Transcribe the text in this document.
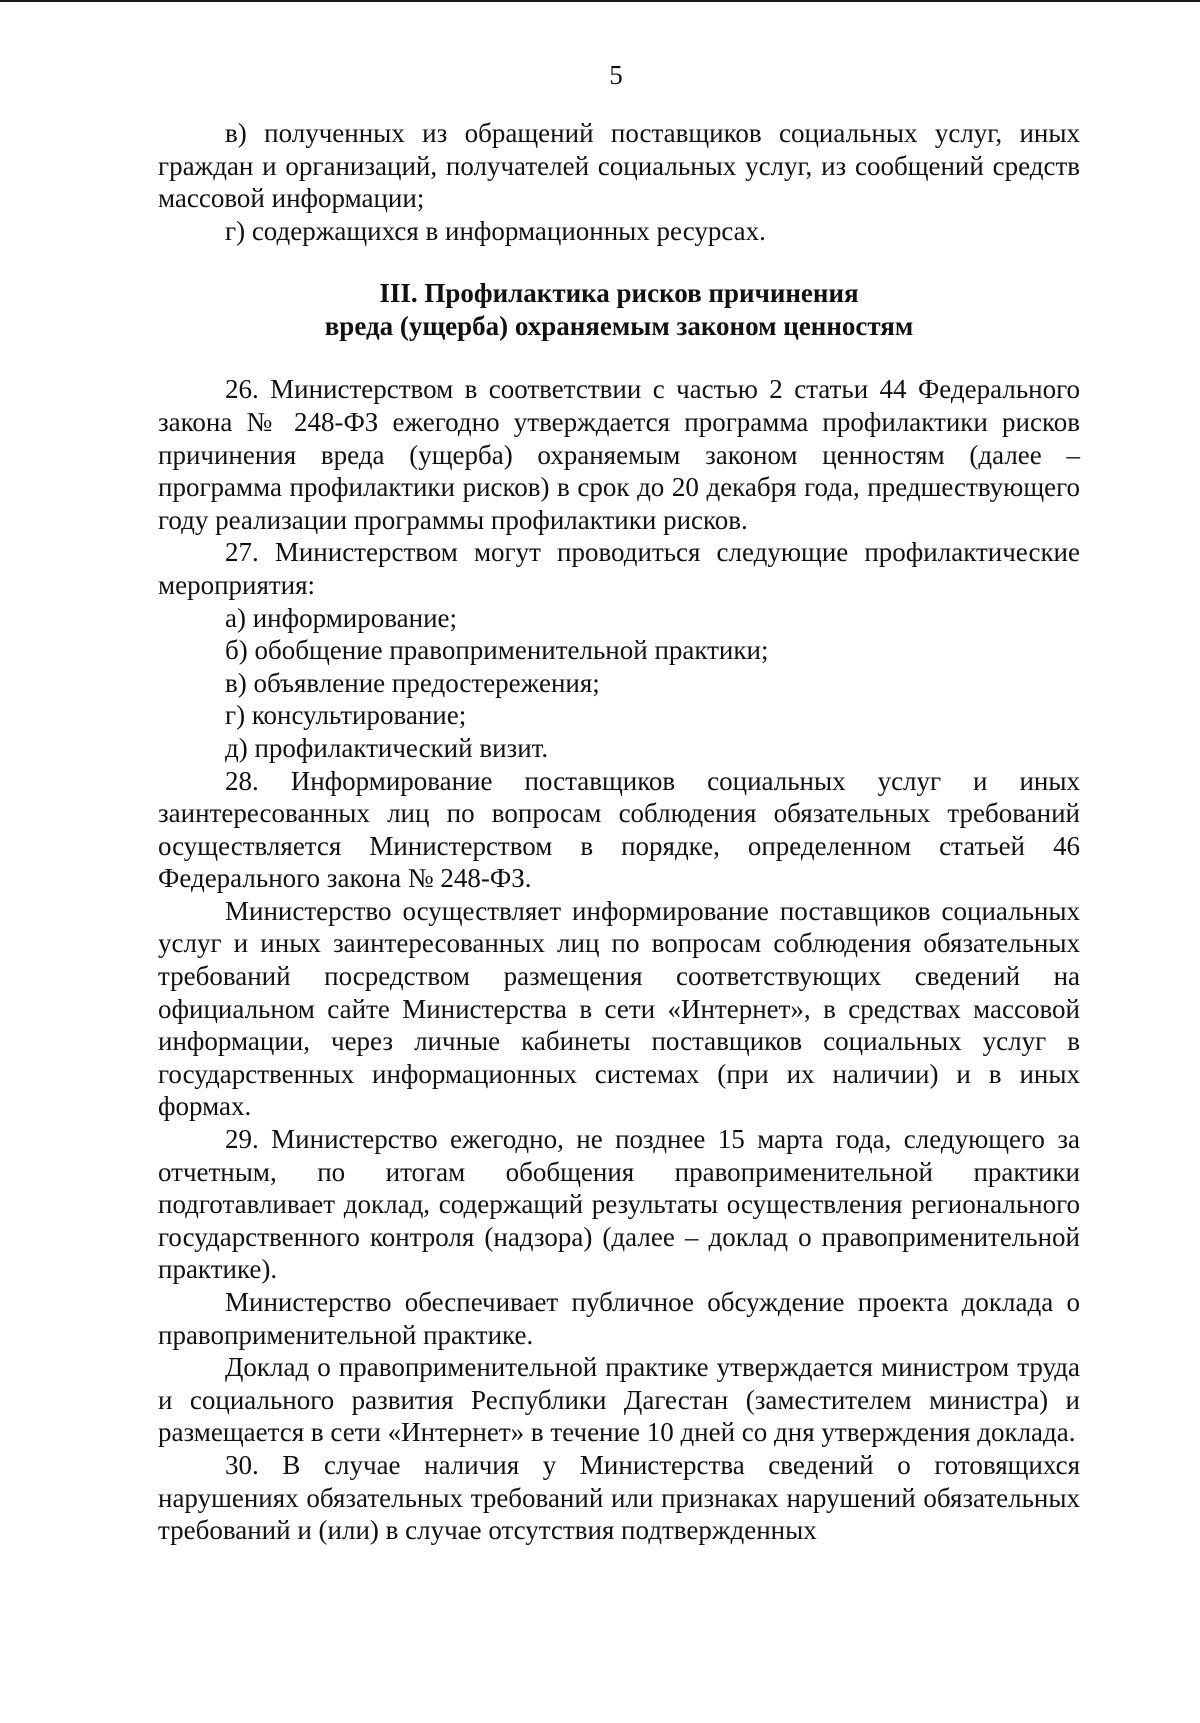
5

в) полученных из обращений поставщиков социальных услуг, иных граждан и организаций, получателей социальных услуг, из сообщений средств массовой информации;

г) содержащихся в информационных ресурсах.

III. Профилактика рисков причинения
вреда (ущерба) охраняемым законом ценностям

26. Министерством в соответствии с частью 2 статьи 44 Федерального закона № 248-ФЗ ежегодно утверждается программа профилактики рисков причинения вреда (ущерба) охраняемым законом ценностям (далее – программа профилактики рисков) в срок до 20 декабря года, предшествующего году реализации программы профилактики рисков.

27. Министерством могут проводиться следующие профилактические мероприятия:

а) информирование;

б) обобщение правоприменительной практики;

в) объявление предостережения;

г) консультирование;

д) профилактический визит.

28. Информирование поставщиков социальных услуг и иных заинтересованных лиц по вопросам соблюдения обязательных требований осуществляется Министерством в порядке, определенном статьей 46 Федерального закона № 248-ФЗ.

Министерство осуществляет информирование поставщиков социальных услуг и иных заинтересованных лиц по вопросам соблюдения обязательных требований посредством размещения соответствующих сведений на официальном сайте Министерства в сети «Интернет», в средствах массовой информации, через личные кабинеты поставщиков социальных услуг в государственных информационных системах (при их наличии) и в иных формах.

29. Министерство ежегодно, не позднее 15 марта года, следующего за отчетным, по итогам обобщения правоприменительной практики подготавливает доклад, содержащий результаты осуществления регионального государственного контроля (надзора) (далее – доклад о правоприменительной практике).

Министерство обеспечивает публичное обсуждение проекта доклада о правоприменительной практике.

Доклад о правоприменительной практике утверждается министром труда и социального развития Республики Дагестан (заместителем министра) и размещается в сети «Интернет» в течение 10 дней со дня утверждения доклада.

30. В случае наличия у Министерства сведений о готовящихся нарушениях обязательных требований или признаках нарушений обязательных требований и (или) в случае отсутствия подтвержденных
